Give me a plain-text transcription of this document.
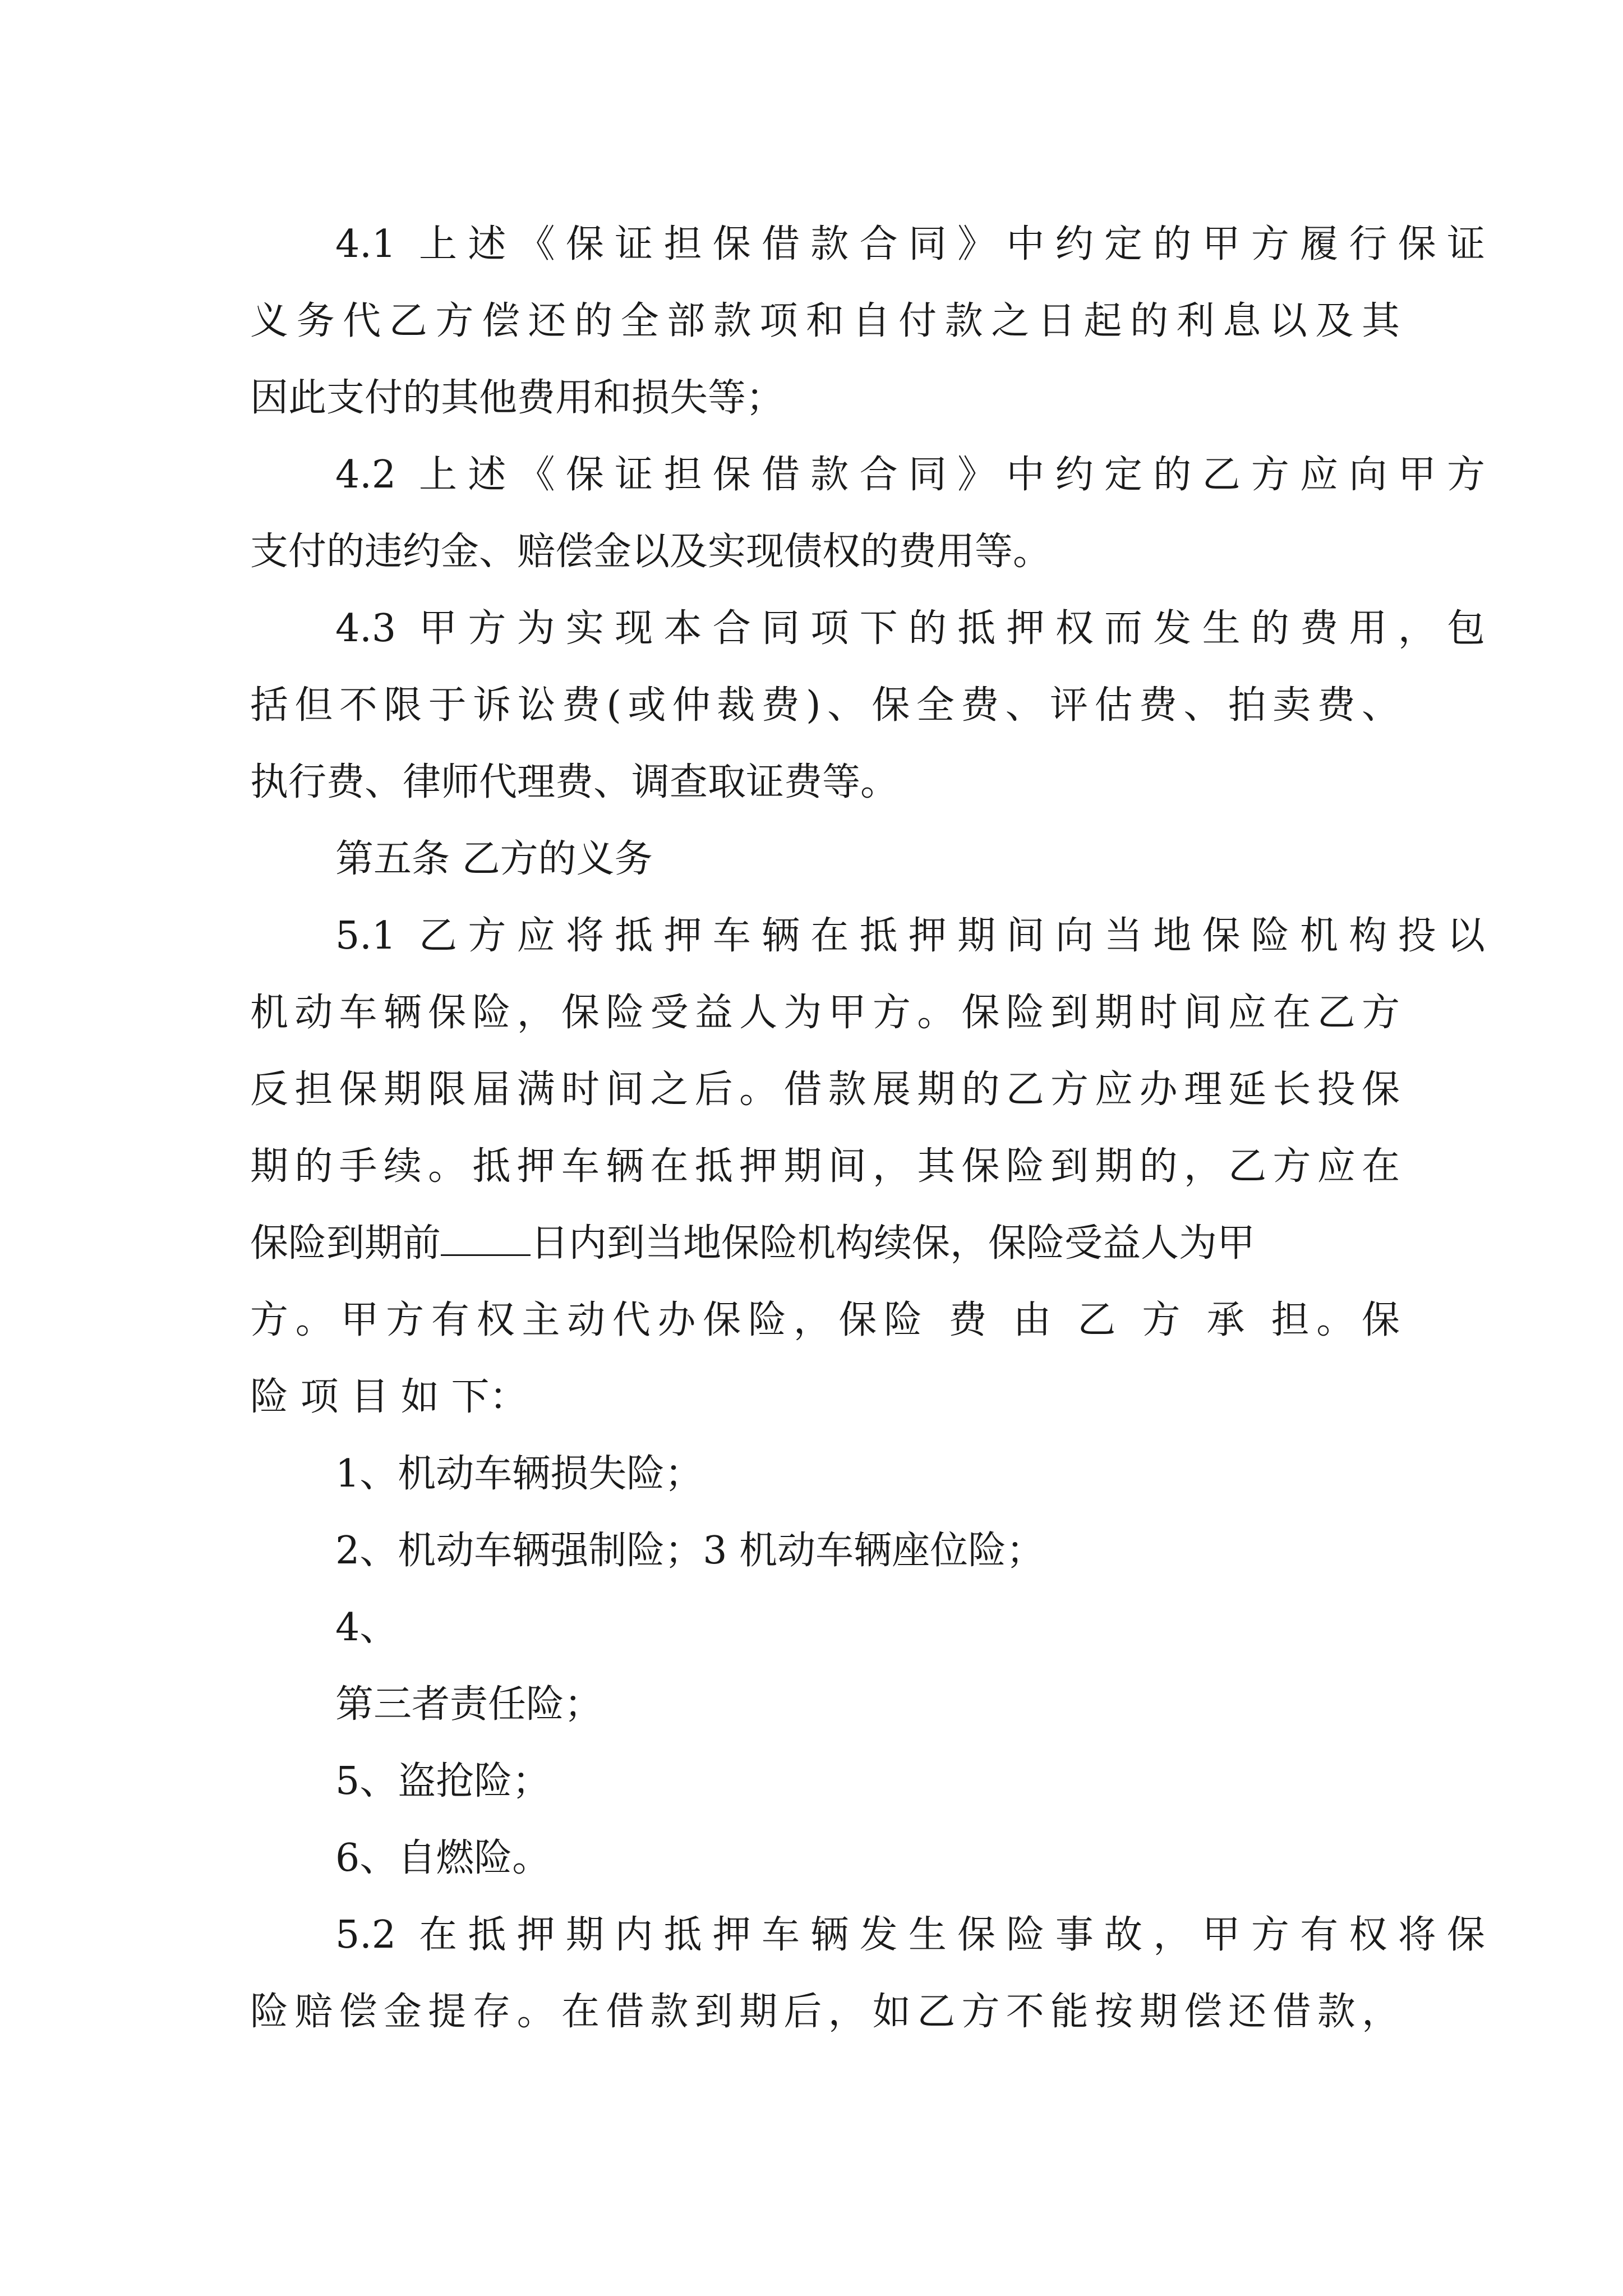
4.1 上述《保证担保借款合同》中约定的甲方履行保证
义务代乙方偿还的全部款项和自付款之日起的利息以及其
因此支付的其他费用和损失等；
4.2 上述《保证担保借款合同》中约定的乙方应向甲方
支付的违约金、赔偿金以及实现债权的费用等。
4.3 甲方为实现本合同项下的抵押权而发生的费用，包
括但不限于诉讼费(或仲裁费)、保全费、评估费、拍卖费、
执行费、律师代理费、调查取证费等。
第五条 乙方的义务
5.1 乙方应将抵押车辆在抵押期间向当地保险机构投以
机动车辆保险，保险受益人为甲方。保险到期时间应在乙方
反担保期限届满时间之后。借款展期的乙方应办理延长投保
期的手续。抵押车辆在抵押期间，其保险到期的，乙方应在
保险到期前 日内到当地保险机构续保，保险受益人为甲
方。甲方有权主动代办保险，保险 费 由 乙 方 承 担。保
险 项 目 如 下：
1、机动车辆损失险；
2、机动车辆强制险；3 机动车辆座位险；
4、
第三者责任险；
5、盗抢险；
6、自燃险。
5.2 在抵押期内抵押车辆发生保险事故，甲方有权将保
险赔偿金提存。在借款到期后，如乙方不能按期偿还借款，
